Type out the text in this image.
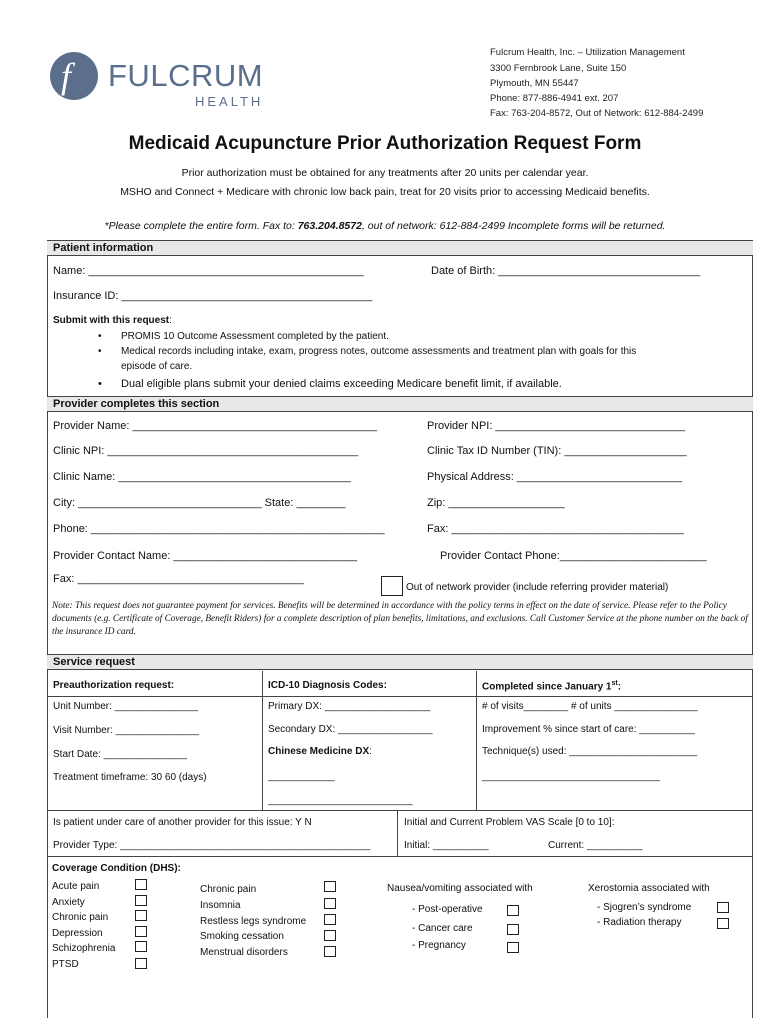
f FULCRUM
HEALTH
Fulcrum Health, Inc. – Utilization Management
3300 Fernbrook Lane, Suite 150
Plymouth, MN 55447
Phone: 877-886-4941 ext. 207
Fax: 763-204-8572, Out of Network: 612-884-2499
Medicaid Acupuncture Prior Authorization Request Form
Prior authorization must be obtained for any treatments after 20 units per calendar year.
MSHO and Connect + Medicare with chronic low back pain, treat for 20 visits prior to accessing Medicaid benefits.
*Please complete the entire form. Fax to: 763.204.8572, out of network: 612-884-2499 Incomplete forms will be returned.
Patient information
Name: _____________________________________________	Date of Birth: _________________________________
Insurance ID: _________________________________________
Submit with this request:
• PROMIS 10 Outcome Assessment completed by the patient.
• Medical records including intake, exam, progress notes, outcome assessments and treatment plan with goals for this
episode of care.
• Dual eligible plans submit your denied claims exceeding Medicare benefit limit, if available.
Provider completes this section
Provider Name: ________________________________________	Provider NPI: _______________________________
Clinic NPI: _________________________________________	Clinic Tax ID Number (TIN): ____________________
Clinic Name: ______________________________________	Physical Address: ___________________________
City: ______________________________ State: ________	Zip: ___________________
Phone: ________________________________________________	Fax: ______________________________________
Provider Contact Name: ______________________________	Provider Contact Phone:________________________
Fax: _____________________________________
Out of network provider (include referring provider material)
Note: This request does not guarantee payment for services. Benefits will be determined in accordance with the policy terms in effect on the date of service. Please refer to the Policy documents (e.g. Certificate of Coverage, Benefit Riders) for a complete description of plan benefits, limitations, and exclusions. Call Customer Service at the phone number on the back of the insurance ID card.
Service request
Preauthorization request:	ICD-10 Diagnosis Codes:	Completed since January 1st:
Unit Number: _______________
Visit Number: _______________
Start Date: _______________
Treatment timeframe: 30 60 (days)
Primary DX: ___________________
Secondary DX: _________________
Chinese Medicine DX:
____________
__________________________
# of visits________ # of units _______________
Improvement % since start of care: __________
Technique(s) used: _______________________
________________________________
Is patient under care of another provider for this issue: Y N
Provider Type: _____________________________________________
Initial and Current Problem VAS Scale [0 to 10]:
Initial: __________	Current: __________
Coverage Condition (DHS):
Acute pain
Anxiety
Chronic pain
Depression
Schizophrenia
PTSD
Chronic pain
Insomnia
Restless legs syndrome
Smoking cessation
Menstrual disorders
Nausea/vomiting associated with
- Post-operative
- Cancer care
- Pregnancy
Xerostomia associated with
- Sjogren’s syndrome
- Radiation therapy
